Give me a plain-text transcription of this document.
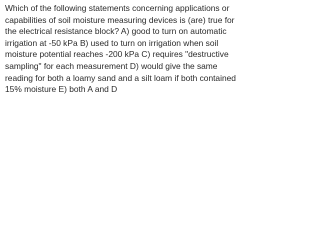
Which of the following statements concerning applications or
capabilities of soil moisture measuring devices is (are) true for
the electrical resistance block? A) good to turn on automatic
irrigation at -50 kPa B) used to turn on irrigation when soil
moisture potential reaches -200 kPa C) requires "destructive
sampling" for each measurement D) would give the same
reading for both a loamy sand and a silt loam if both contained
15% moisture E) both A and D
